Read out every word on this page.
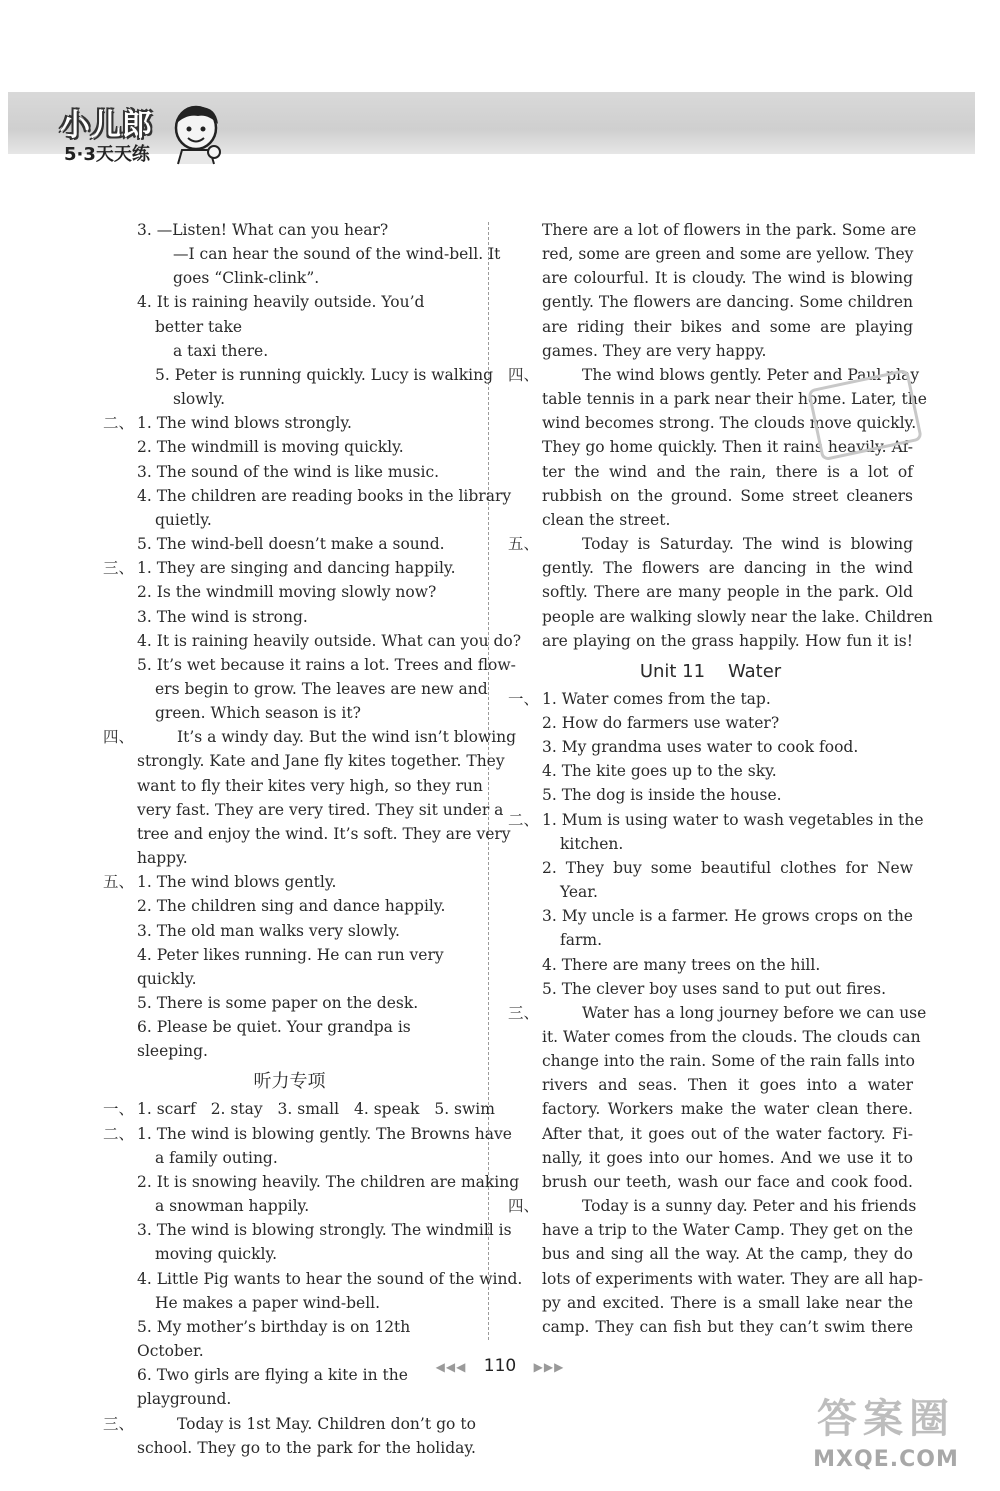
小儿郎
5·3天天练
3. —Listen! What can you hear?
—I can hear the sound of the wind-bell. It
goes “Clink-clink”.
4. It is raining heavily outside. You’d better take
a taxi there.
5. Peter is running quickly. Lucy is walking
slowly.
二、 1. The wind blows strongly.
2. The windmill is moving quickly.
3. The sound of the wind is like music.
4. The children are reading books in the library
quietly.
5. The wind-bell doesn’t make a sound.
三、 1. They are singing and dancing happily.
2. Is the windmill moving slowly now?
3. The wind is strong.
4. It is raining heavily outside. What can you do?
5. It’s wet because it rains a lot. Trees and flow-
ers begin to grow. The leaves are new and
green. Which season is it?
四、	It’s a windy day. But the wind isn’t blowing
strongly. Kate and Jane fly kites together. They
want to fly their kites very high, so they run
very fast. They are very tired. They sit under a
tree and enjoy the wind. It’s soft. They are very
happy.
五、 1. The wind blows gently.
2. The children sing and dance happily.
3. The old man walks very slowly.
4. Peter likes running. He can run very quickly.
5. There is some paper on the desk.
6. Please be quiet. Your grandpa is sleeping.
听力专项
一、 1. scarf 2. stay 3. small 4. speak 5. swim
二、 1. The wind is blowing gently. The Browns have
a family outing.
2. It is snowing heavily. The children are making
a snowman happily.
3. The wind is blowing strongly. The windmill is
moving quickly.
4. Little Pig wants to hear the sound of the wind.
He makes a paper wind-bell.
5. My mother’s birthday is on 12th October.
6. Two girls are flying a kite in the playground.
三、	Today is 1st May. Children don’t go to
school. They go to the park for the holiday.
There are a lot of flowers in the park. Some are
red, some are green and some are yellow. They
are colourful. It is cloudy. The wind is blowing
gently. The flowers are dancing. Some children
are riding their bikes and some are playing
games. They are very happy.
四、	The wind blows gently. Peter and Paul play
table tennis in a park near their home. Later, the
wind becomes strong. The clouds move quickly.
They go home quickly. Then it rains heavily. Af-
ter the wind and the rain, there is a lot of
rubbish on the ground. Some street cleaners
clean the street.
五、	Today is Saturday. The wind is blowing
gently. The flowers are dancing in the wind
softly. There are many people in the park. Old
people are walking slowly near the lake. Children
are playing on the grass happily. How fun it is!
Unit 11    Water
一、 1. Water comes from the tap.
2. How do farmers use water?
3. My grandma uses water to cook food.
4. The kite goes up to the sky.
5. The dog is inside the house.
二、 1. Mum is using water to wash vegetables in the
kitchen.
2. They buy some beautiful clothes for New
Year.
3. My uncle is a farmer. He grows crops on the
farm.
4. There are many trees on the hill.
5. The clever boy uses sand to put out fires.
三、	Water has a long journey before we can use
it. Water comes from the clouds. The clouds can
change into the rain. Some of the rain falls into
rivers and seas. Then it goes into a water
factory. Workers make the water clean there.
After that, it goes out of the water factory. Fi-
nally, it goes into our homes. And we use it to
brush our teeth, wash our face and cook food.
四、	Today is a sunny day. Peter and his friends
have a trip to the Water Camp. They get on the
bus and sing all the way. At the camp, they do
lots of experiments with water. They are all hap-
py and excited. There is a small lake near the
camp. They can fish but they can’t swim there
◀◀◀ 110 ▶▶▶
答案圈
MXQE.COM
